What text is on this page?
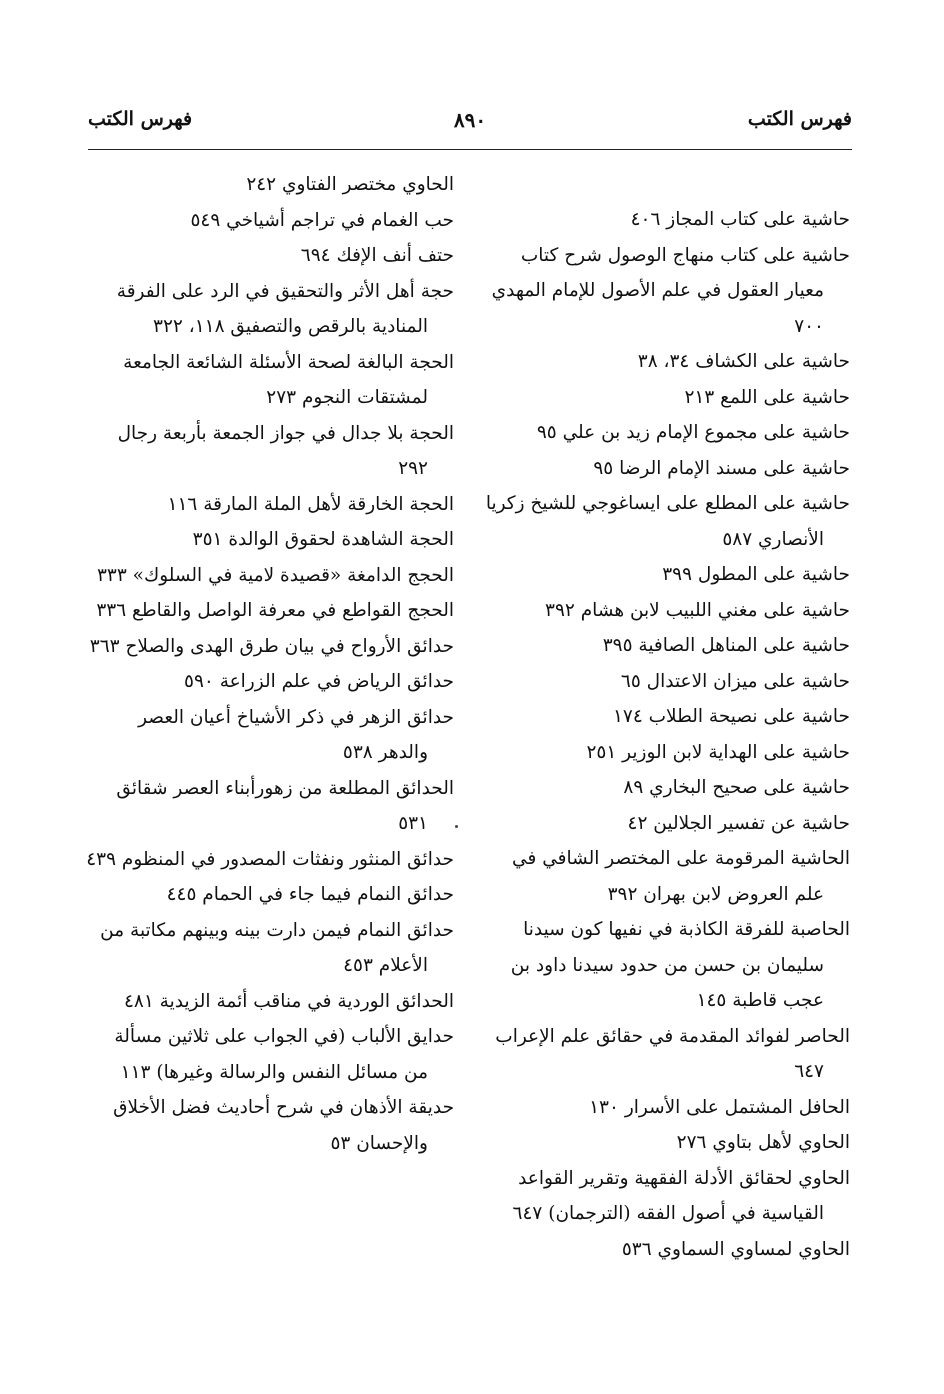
فهرس الكتب
٨٩٠
فهرس الكتب

حاشية على كتاب المجاز ٤٠٦

حاشية على كتاب منهاج الوصول شرح كتاب معيار العقول في علم الأصول للإمام المهدي ٧٠٠

حاشية على الكشاف ٣٤، ٣٨

حاشية على اللمع ٢١٣

حاشية على مجموع الإمام زيد بن علي ٩٥

حاشية على مسند الإمام الرضا ٩٥

حاشية على المطلع على ايساغوجي للشيخ زكريا الأنصاري ٥٨٧

حاشية على المطول ٣٩٩

حاشية على مغني اللبيب لابن هشام ٣٩٢

حاشية على المناهل الصافية ٣٩٥

حاشية على ميزان الاعتدال ٦٥

حاشية على نصيحة الطلاب ١٧٤

حاشية على الهداية لابن الوزير ٢٥١

حاشية على صحيح البخاري ٨٩

حاشية عن تفسير الجلالين ٤٢

الحاشية المرقومة على المختصر الشافي في علم العروض لابن بهران ٣٩٢

الحاصبة للفرقة الكاذبة في نفيها كون سيدنا سليمان بن حسن من حدود سيدنا داود بن عجب قاطبة ١٤٥

الحاصر لفوائد المقدمة في حقائق علم الإعراب ٦٤٧

الحافل المشتمل على الأسرار ١٣٠

الحاوي لأهل بتاوي ٢٧٦

الحاوي لحقائق الأدلة الفقهية وتقرير القواعد القياسية في أصول الفقه (الترجمان) ٦٤٧

الحاوي لمساوي السماوي ٥٣٦

الحاوي مختصر الفتاوي ٢٤٢

حب الغمام في تراجم أشياخي ٥٤٩

حتف أنف الإفك ٦٩٤

حجة أهل الأثر والتحقيق في الرد على الفرقة المنادية بالرقص والتصفيق ١١٨، ٣٢٢

الحجة البالغة لصحة الأسئلة الشائعة الجامعة لمشتقات النجوم ٢٧٣

الحجة بلا جدال في جواز الجمعة بأربعة رجال ٢٩٢

الحجة الخارقة لأهل الملة المارقة ١١٦

الحجة الشاهدة لحقوق الوالدة ٣٥١

الحجج الدامغة «قصيدة لامية في السلوك» ٣٣٣

الحجج القواطع في معرفة الواصل والقاطع ٣٣٦

حدائق الأرواح في بيان طرق الهدى والصلاح ٣٦٣

حدائق الرياض في علم الزراعة ٥٩٠

حدائق الزهر في ذكر الأشياخ أعيان العصر والدهر ٥٣٨

الحدائق المطلعة من زهورأبناء العصر شقائق ٥٣١

حدائق المنثور ونفثات المصدور في المنظوم ٤٣٩

حدائق النمام فيما جاء في الحمام ٤٤٥

حدائق النمام فيمن دارت بينه وبينهم مكاتبة من الأعلام ٤٥٣

الحدائق الوردية في مناقب أئمة الزيدية ٤٨١

حدايق الألباب (في الجواب على ثلاثين مسألة من مسائل النفس والرسالة وغيرها) ١١٣

حديقة الأذهان في شرح أحاديث فضل الأخلاق والإحسان ٥٣
